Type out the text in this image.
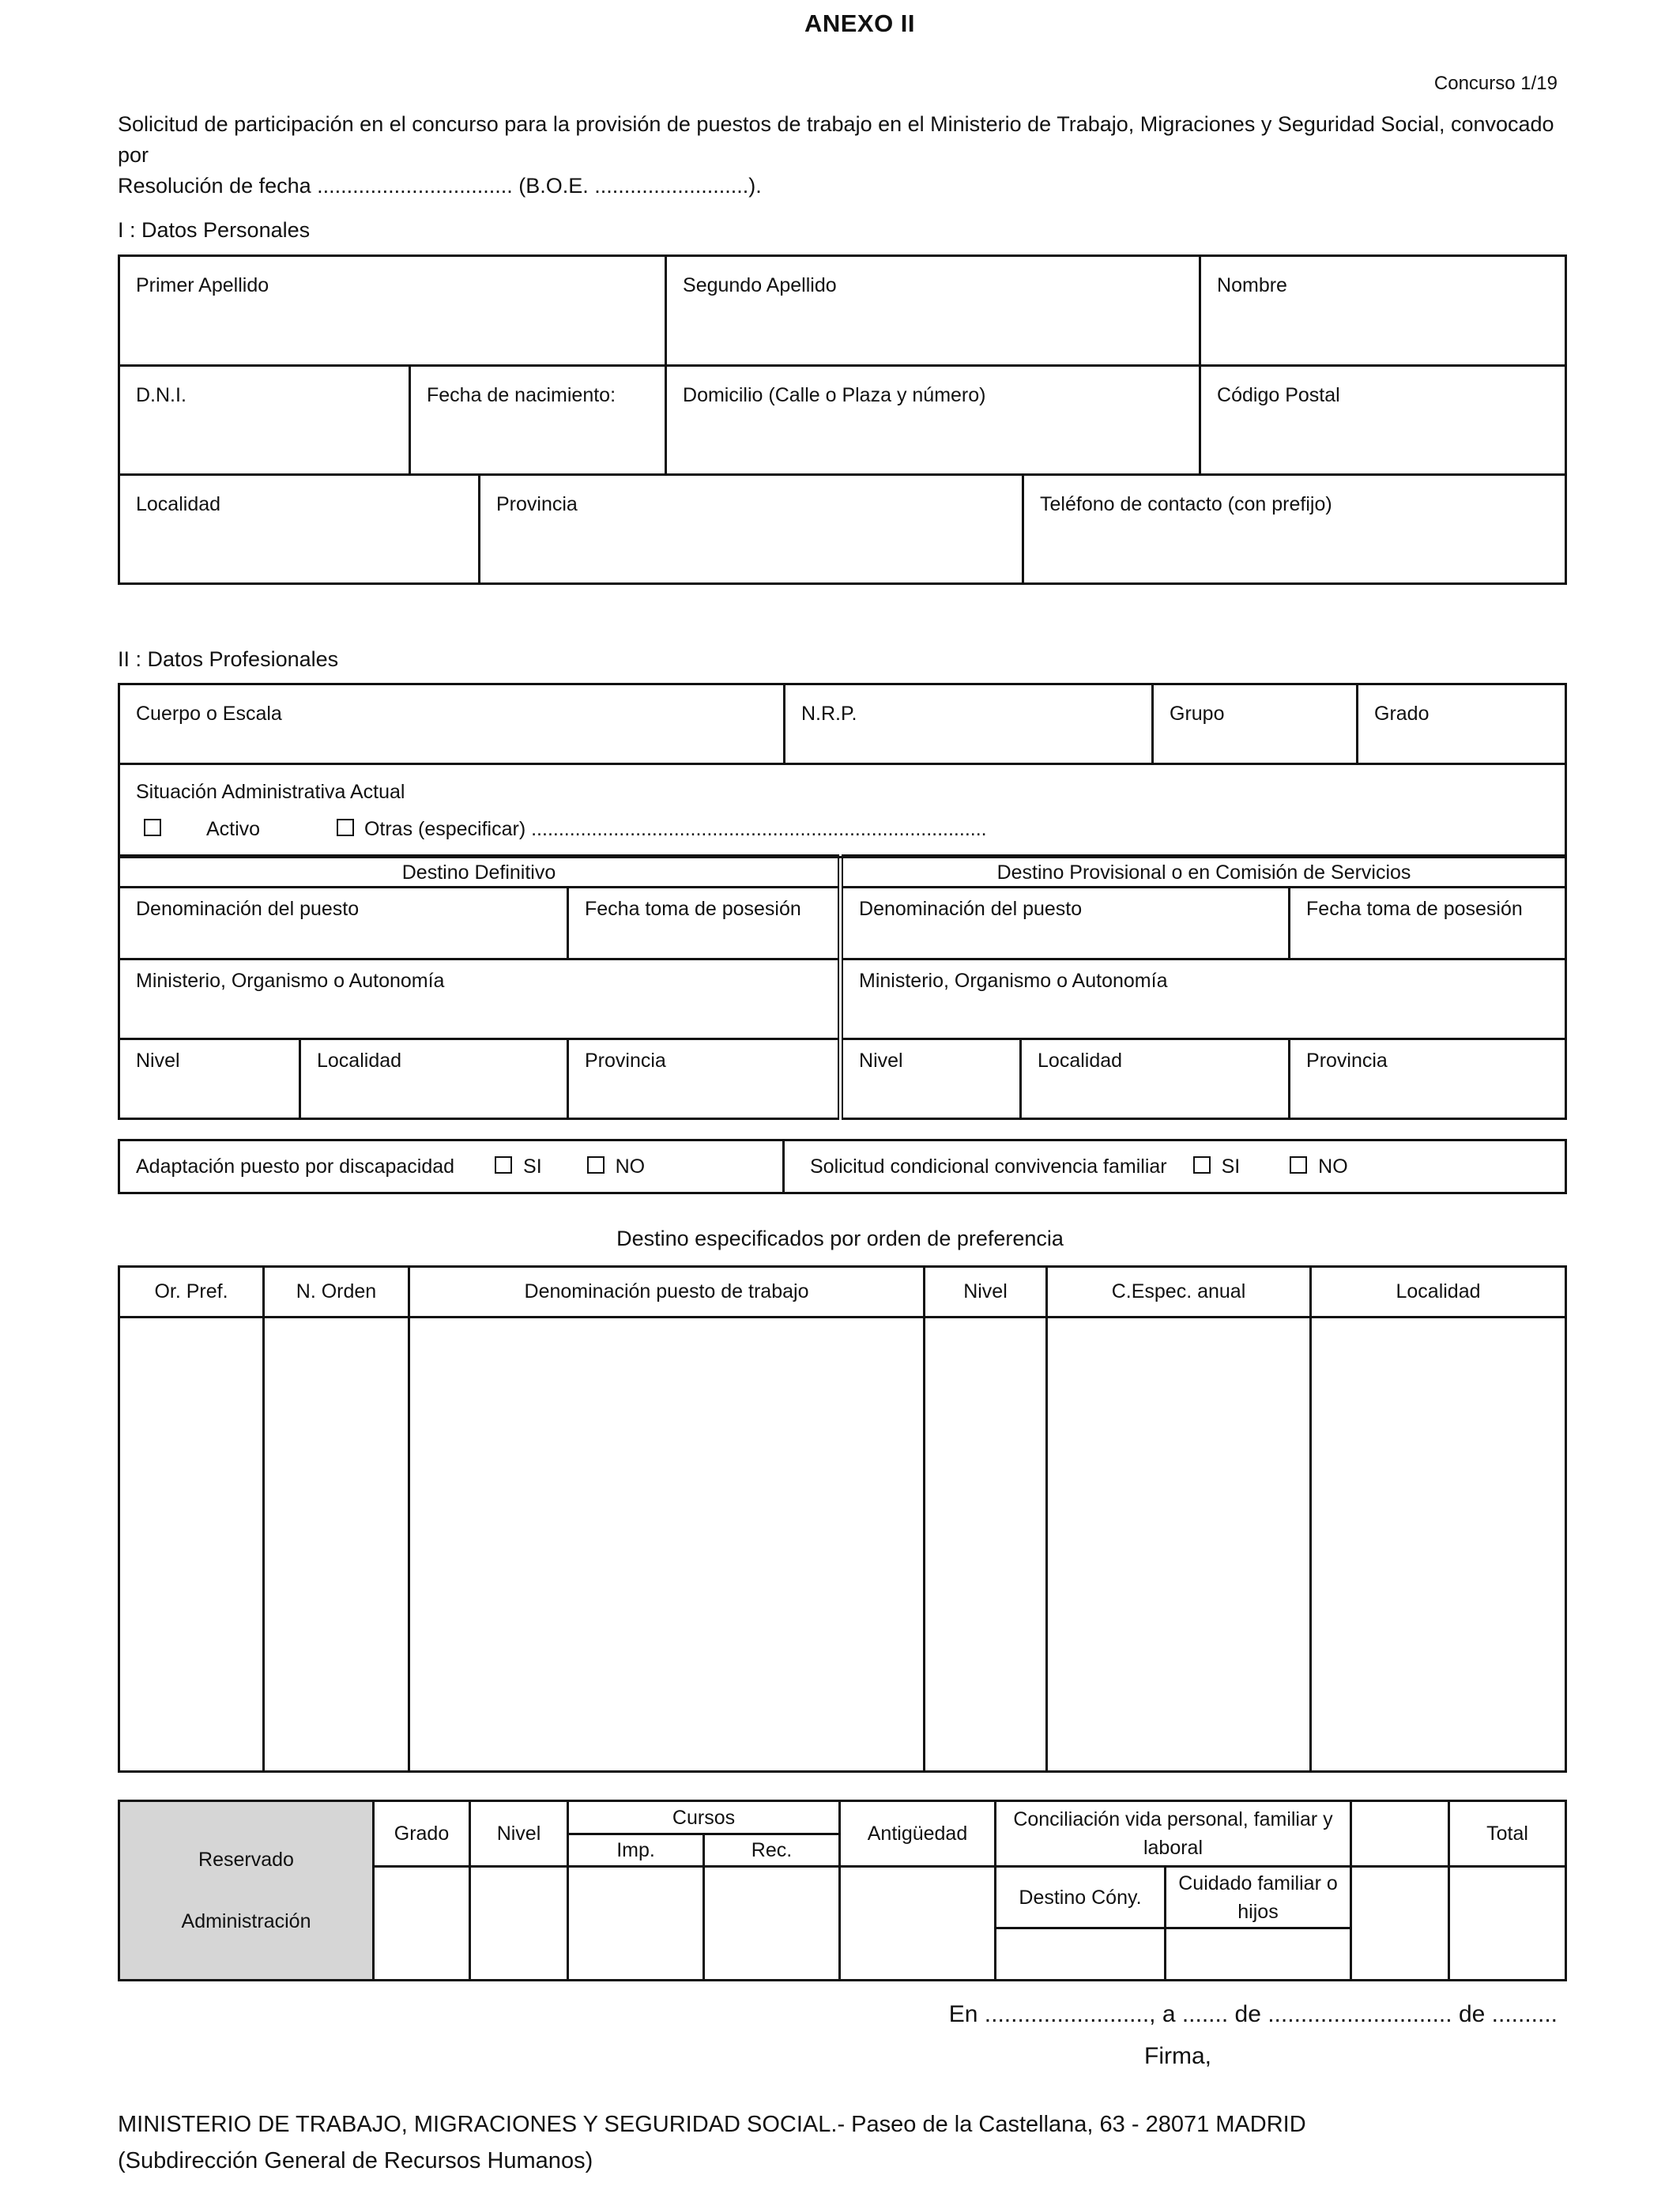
ANEXO II
Concurso 1/19
Solicitud de participación en el concurso para la provisión de puestos de trabajo en el Ministerio de Trabajo, Migraciones y Seguridad Social, convocado por
Resolución de fecha ................................. (B.O.E. ..........................).
I : Datos Personales
Primer Apellido			Segundo Apellido		Nombre
D.N.I.	Fecha de nacimiento:		Domicilio (Calle o Plaza y número)		Código Postal
Localidad		Provincia		Teléfono de contacto (con prefijo)	
II : Datos Profesionales
Cuerpo o Escala	N.R.P.	Grupo	Grado

Situación Administrativa Actual
Activo	Otras (especificar) ...................................................................................
Destino Definitivo			Destino Provisional o en Comisión de Servicios		
Denominación del puesto		Fecha toma de posesión	Denominación del puesto		Fecha toma de posesión
Ministerio, Organismo o Autonomía			Ministerio, Organismo o Autonomía		
Nivel	Localidad	Provincia	Nivel	Localidad	Provincia
Adaptación puesto por discapacidad	SI	NO	Solicitud condicional convivencia familiar	SI	NO
Destino especificados por orden de preferencia
Or. Pref.	N. Orden	Denominación puesto de trabajo	Nivel	C.Espec. anual	Localidad

Reservado
Administración	Grado	Nivel	Cursos		Antigüedad	Conciliación vida personal, familiar y laboral			Total
			Imp.	Rec.					
						Destino Cóny.	Cuidado familiar o hijos		

En ........................., a ....... de ............................ de ..........
Firma,
MINISTERIO DE TRABAJO, MIGRACIONES Y SEGURIDAD SOCIAL.- Paseo de la Castellana, 63 - 28071 MADRID
(Subdirección General de Recursos Humanos)
